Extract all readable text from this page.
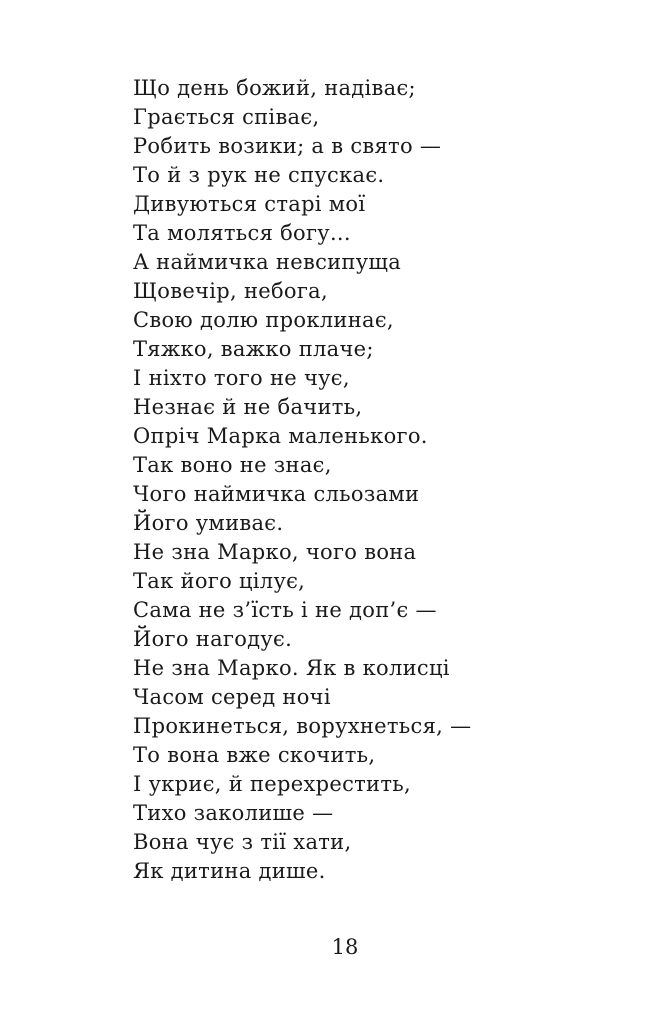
Що день божий, надіває;
Грається співає,
Робить возики; а в свято —
То й з рук не спускає.
Дивуються старі мої
Та моляться богу...
А наймичка невсипуща
Щовечір, небога,
Свою долю проклинає,
Тяжко, важко плаче;
І ніхто того не чує,
Незнає й не бачить,
Опріч Марка маленького.
Так воно не знає,
Чого наймичка сльозами
Його умиває.
Не зна Марко, чого вона
Так його цілує,
Сама не з’їсть і не доп’є —
Його нагодує.
Не зна Марко. Як в колисці
Часом серед ночі
Прокинеться, ворухнеться, —
То вона вже скочить,
І укриє, й перехрестить,
Тихо заколише —
Вона чує з тії хати,
Як дитина дише.
18
